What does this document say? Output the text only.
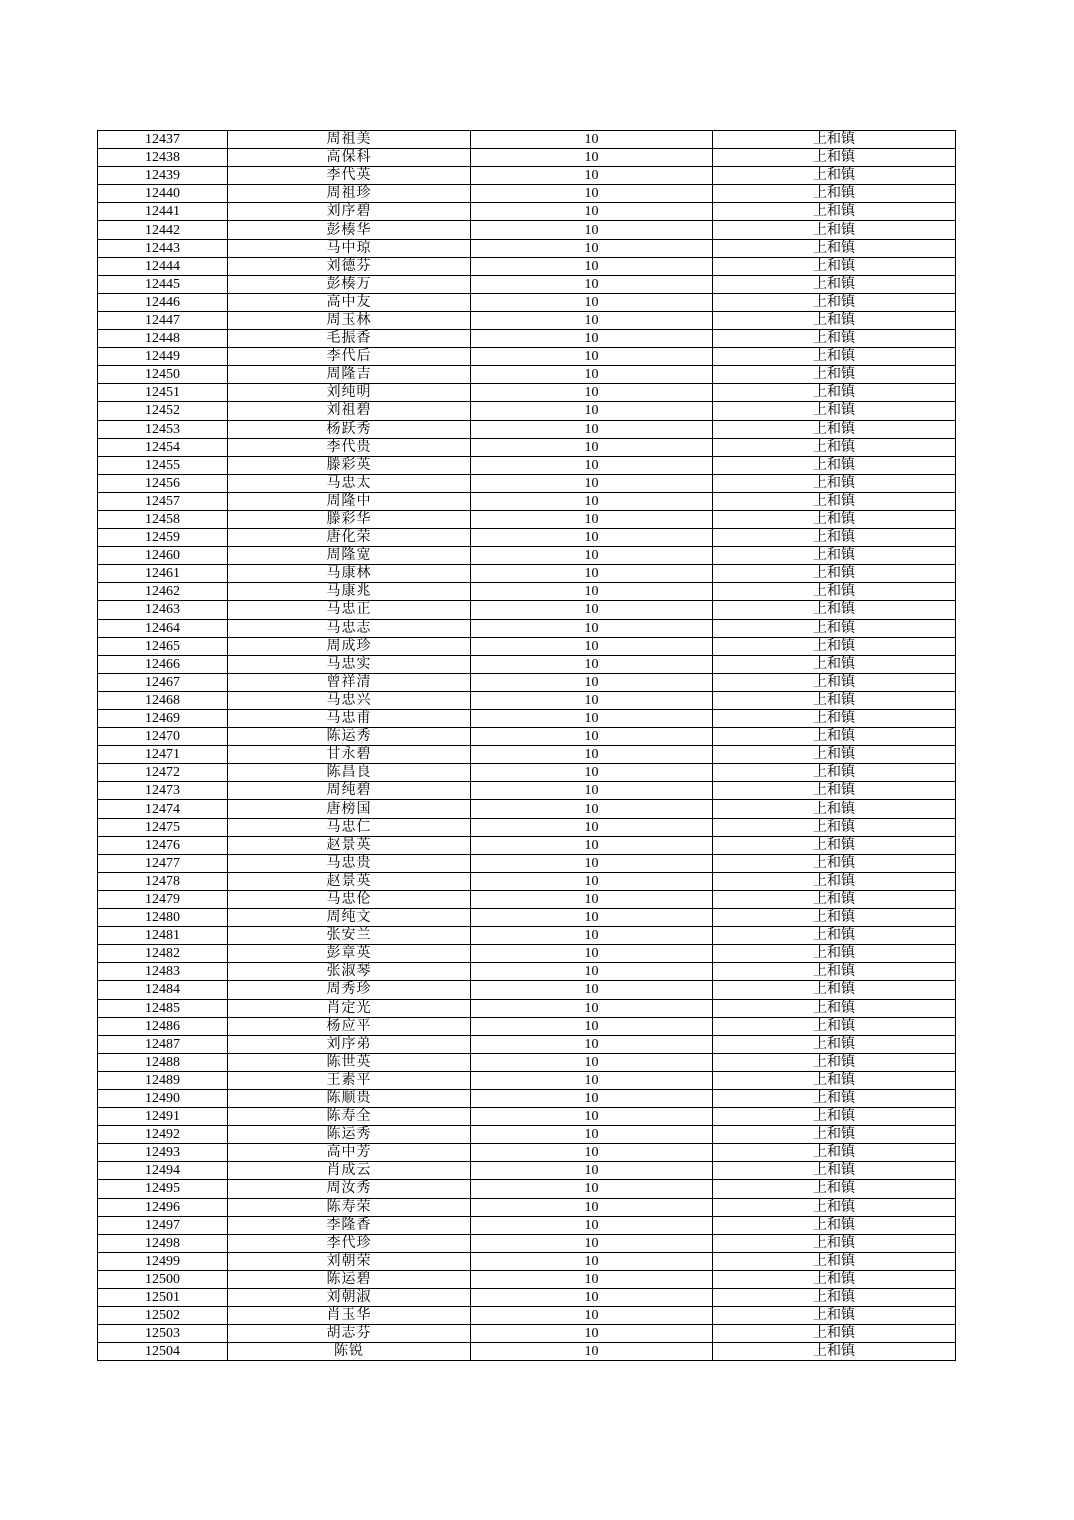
12437	周祖美	10	上和镇
12438	高保科	10	上和镇
12439	李代英	10	上和镇
12440	周祖珍	10	上和镇
12441	刘序碧	10	上和镇
12442	彭楱华	10	上和镇
12443	马中琼	10	上和镇
12444	刘德芬	10	上和镇
12445	彭楱万	10	上和镇
12446	高中友	10	上和镇
12447	周玉林	10	上和镇
12448	毛振香	10	上和镇
12449	李代后	10	上和镇
12450	周隆吉	10	上和镇
12451	刘纯明	10	上和镇
12452	刘祖碧	10	上和镇
12453	杨跃秀	10	上和镇
12454	李代贵	10	上和镇
12455	滕彩英	10	上和镇
12456	马忠太	10	上和镇
12457	周隆中	10	上和镇
12458	滕彩华	10	上和镇
12459	唐化荣	10	上和镇
12460	周隆宽	10	上和镇
12461	马康林	10	上和镇
12462	马康兆	10	上和镇
12463	马忠正	10	上和镇
12464	马忠志	10	上和镇
12465	周成珍	10	上和镇
12466	马忠实	10	上和镇
12467	曾祥清	10	上和镇
12468	马忠兴	10	上和镇
12469	马忠甫	10	上和镇
12470	陈运秀	10	上和镇
12471	甘永碧	10	上和镇
12472	陈昌良	10	上和镇
12473	周纯碧	10	上和镇
12474	唐榜国	10	上和镇
12475	马忠仁	10	上和镇
12476	赵景英	10	上和镇
12477	马忠贵	10	上和镇
12478	赵景英	10	上和镇
12479	马忠伦	10	上和镇
12480	周纯文	10	上和镇
12481	张安兰	10	上和镇
12482	彭章英	10	上和镇
12483	张淑琴	10	上和镇
12484	周秀珍	10	上和镇
12485	肖定光	10	上和镇
12486	杨应平	10	上和镇
12487	刘序弟	10	上和镇
12488	陈世英	10	上和镇
12489	王素平	10	上和镇
12490	陈顺贵	10	上和镇
12491	陈寿全	10	上和镇
12492	陈运秀	10	上和镇
12493	高中芳	10	上和镇
12494	肖成云	10	上和镇
12495	周汝秀	10	上和镇
12496	陈寿荣	10	上和镇
12497	李隆香	10	上和镇
12498	李代珍	10	上和镇
12499	刘朝荣	10	上和镇
12500	陈运碧	10	上和镇
12501	刘朝淑	10	上和镇
12502	肖玉华	10	上和镇
12503	胡志芬	10	上和镇
12504	陈锐	10	上和镇
